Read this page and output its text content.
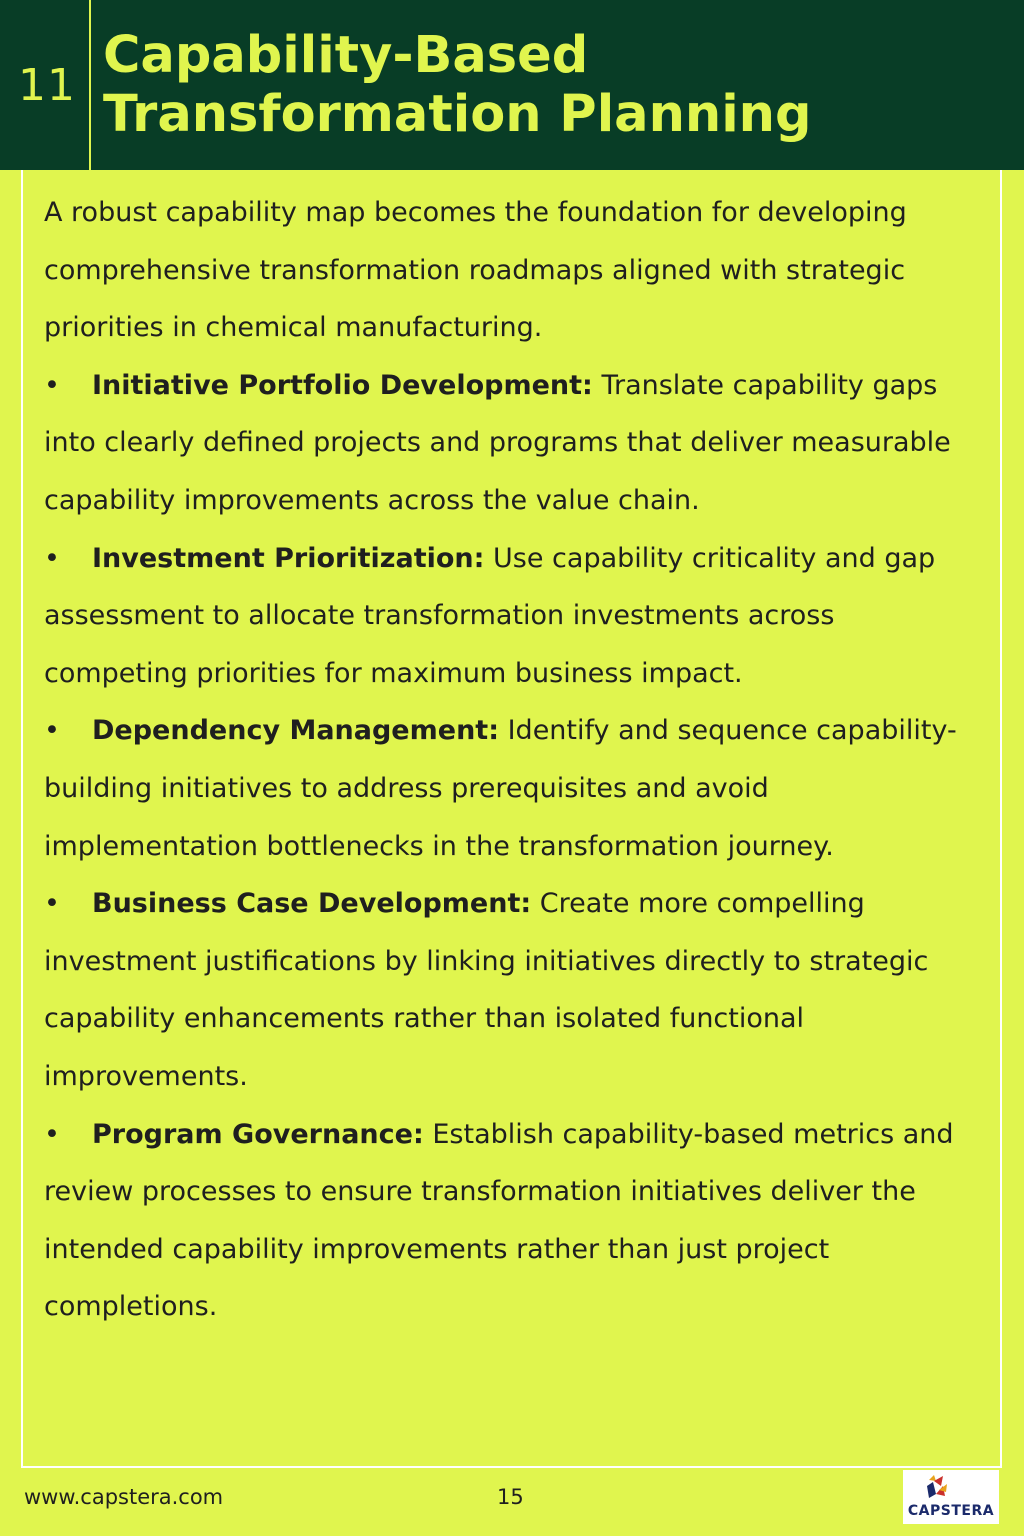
11
Capability-Based Transformation Planning

A robust capability map becomes the foundation for developing comprehensive transformation roadmaps aligned with strategic priorities in chemical manufacturing.

• Initiative Portfolio Development: Translate capability gaps into clearly defined projects and programs that deliver measurable capability improvements across the value chain.

• Investment Prioritization: Use capability criticality and gap assessment to allocate transformation investments across competing priorities for maximum business impact.

• Dependency Management: Identify and sequence capability-building initiatives to address prerequisites and avoid implementation bottlenecks in the transformation journey.

• Business Case Development: Create more compelling investment justifications by linking initiatives directly to strategic capability enhancements rather than isolated functional improvements.

• Program Governance: Establish capability-based metrics and review processes to ensure transformation initiatives deliver the intended capability improvements rather than just project completions.

www.capstera.com	15
CAPSTERA
